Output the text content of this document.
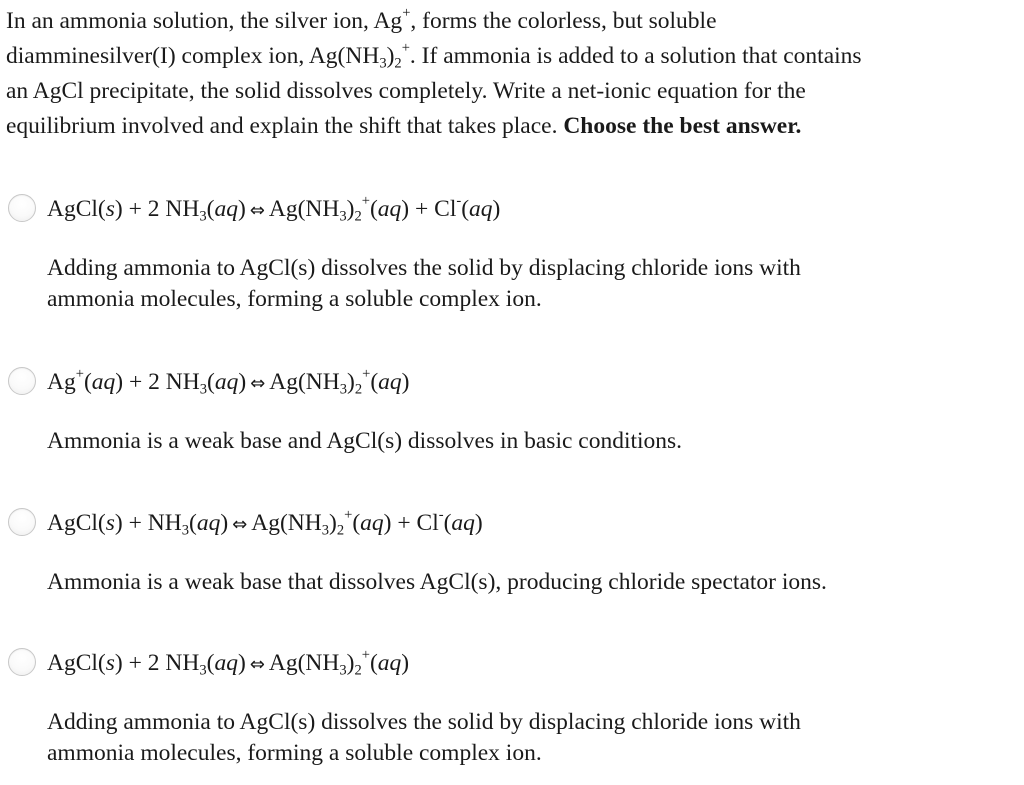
In an ammonia solution, the silver ion, Ag+, forms the colorless, but soluble
diamminesilver(I) complex ion, $Ag(NH_3)_2^+$. If ammonia is added to a solution that contains
an AgCl precipitate, the solid dissolves completely. Write a net-ionic equation for the
equilibrium involved and explain the shift that takes place. Choose the best answer.
AgCl(s) + 2 $NH_3(aq)$ ⇔ $Ag(NH_3)_2^+(aq) + Cl^-(aq)$
Adding ammonia to AgCl(s) dissolves the solid by displacing chloride ions with
ammonia molecules, forming a soluble complex ion.
Ag+(aq) + 2 $NH_3(aq)$ ⇔ $Ag(NH_3)_2^+(aq)$
Ammonia is a weak base and AgCl(s) dissolves in basic conditions.
AgCl(s) + $NH_3(aq)$ ⇔ $Ag(NH_3)_2^+(aq) + Cl^-(aq)$
Ammonia is a weak base that dissolves AgCl(s), producing chloride spectator ions.
AgCl(s) + 2 $NH_3(aq)$ ⇔ $Ag(NH_3)_2^+(aq)$
Adding ammonia to AgCl(s) dissolves the solid by displacing chloride ions with
ammonia molecules, forming a soluble complex ion.
